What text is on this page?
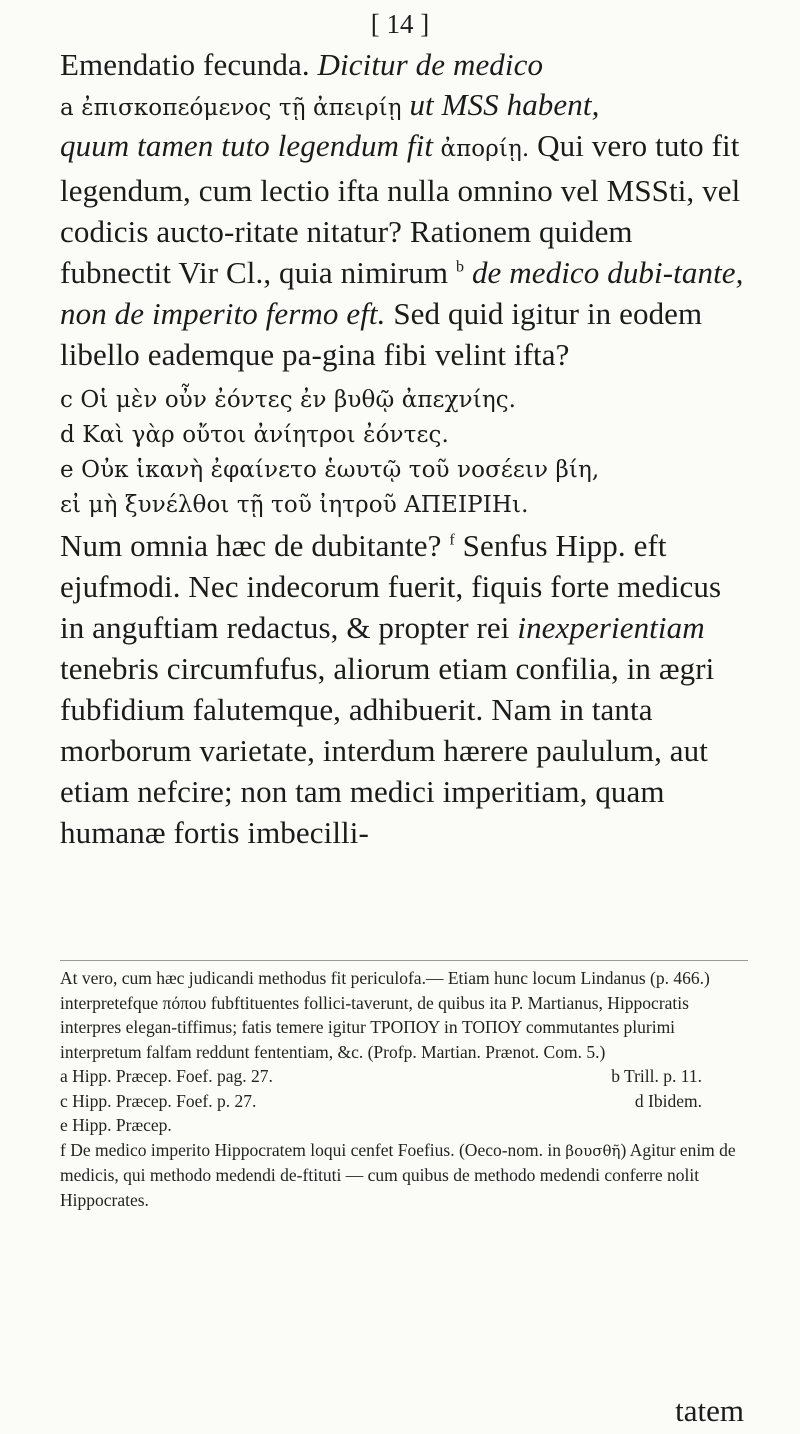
[ 14 ]

Emendatio fecunda. Dicitur de medico

a ἐπισκοπεόμενος τῇ ἀπειρίῃ ut MSS habent,

quum tamen tuto legendum fit ἀπορίῃ. Qui vero tuto fit legendum, cum lectio ifta nulla omnino vel MSSti, vel codicis aucto-ritate nitatur? Rationem quidem fubnectit Vir Cl., quia nimirum $^b$ de medico dubi-tante, non de imperito fermo eft. Sed quid igitur in eodem libello eademque pa-gina fibi velint ifta?

c Οἱ μὲν οὖν ἐόντες ἐν βυθῷ ἀπεχνίης.
d Καὶ γὰρ οὔτοι ἀνίητροι ἐόντες.
e Οὐκ ἱκανὴ ἐφαίνετο ἑωυτῷ τοῦ νοσέειν βίη,
εἰ μὴ ξυνέλθοι τῇ τοῦ ἰητροῦ ΑΠΕΙΡΙΗι.

Num omnia hæc de dubitante? $^f$ Senfus Hipp. eft ejufmodi. Nec indecorum fuerit, fiquis forte medicus in anguftiam redactus, & propter rei inexperientiam tenebris circumfufus, aliorum etiam confilia, in ægri fubfidium falutemque, adhibuerit. Nam in tanta morborum varietate, interdum hærere paululum, aut etiam nefcire; non tam medici imperitiam, quam humanæ fortis imbecilli-

At vero, cum hæc judicandi methodus fit periculofa.— Etiam hunc locum Lindanus (p. 466.) interpretefque πόπου fubftituentes follici-taverunt, de quibus ita P. Martianus, Hippocratis interpres elegan-tiffimus; fatis temere igitur ΤΡΟΠΟΥ in ΤΟΠΟΥ commutantes plurimi interpretum falfam reddunt fententiam, &c. (Profp. Martian. Prænot. Com. 5.)

a Hipp. Præcep. Foef. pag. 27.	b Trill. p. 11.
c Hipp. Præcep. Foef. p. 27.	d Ibidem.

e Hipp. Præcep.

f De medico imperito Hippocratem loqui cenfet Foefius. (Oeco-nom. in βουσθῆ) Agitur enim de medicis, qui methodo medendi de-ftituti — cum quibus de methodo medendi conferre nolit Hippocrates.

tatem
